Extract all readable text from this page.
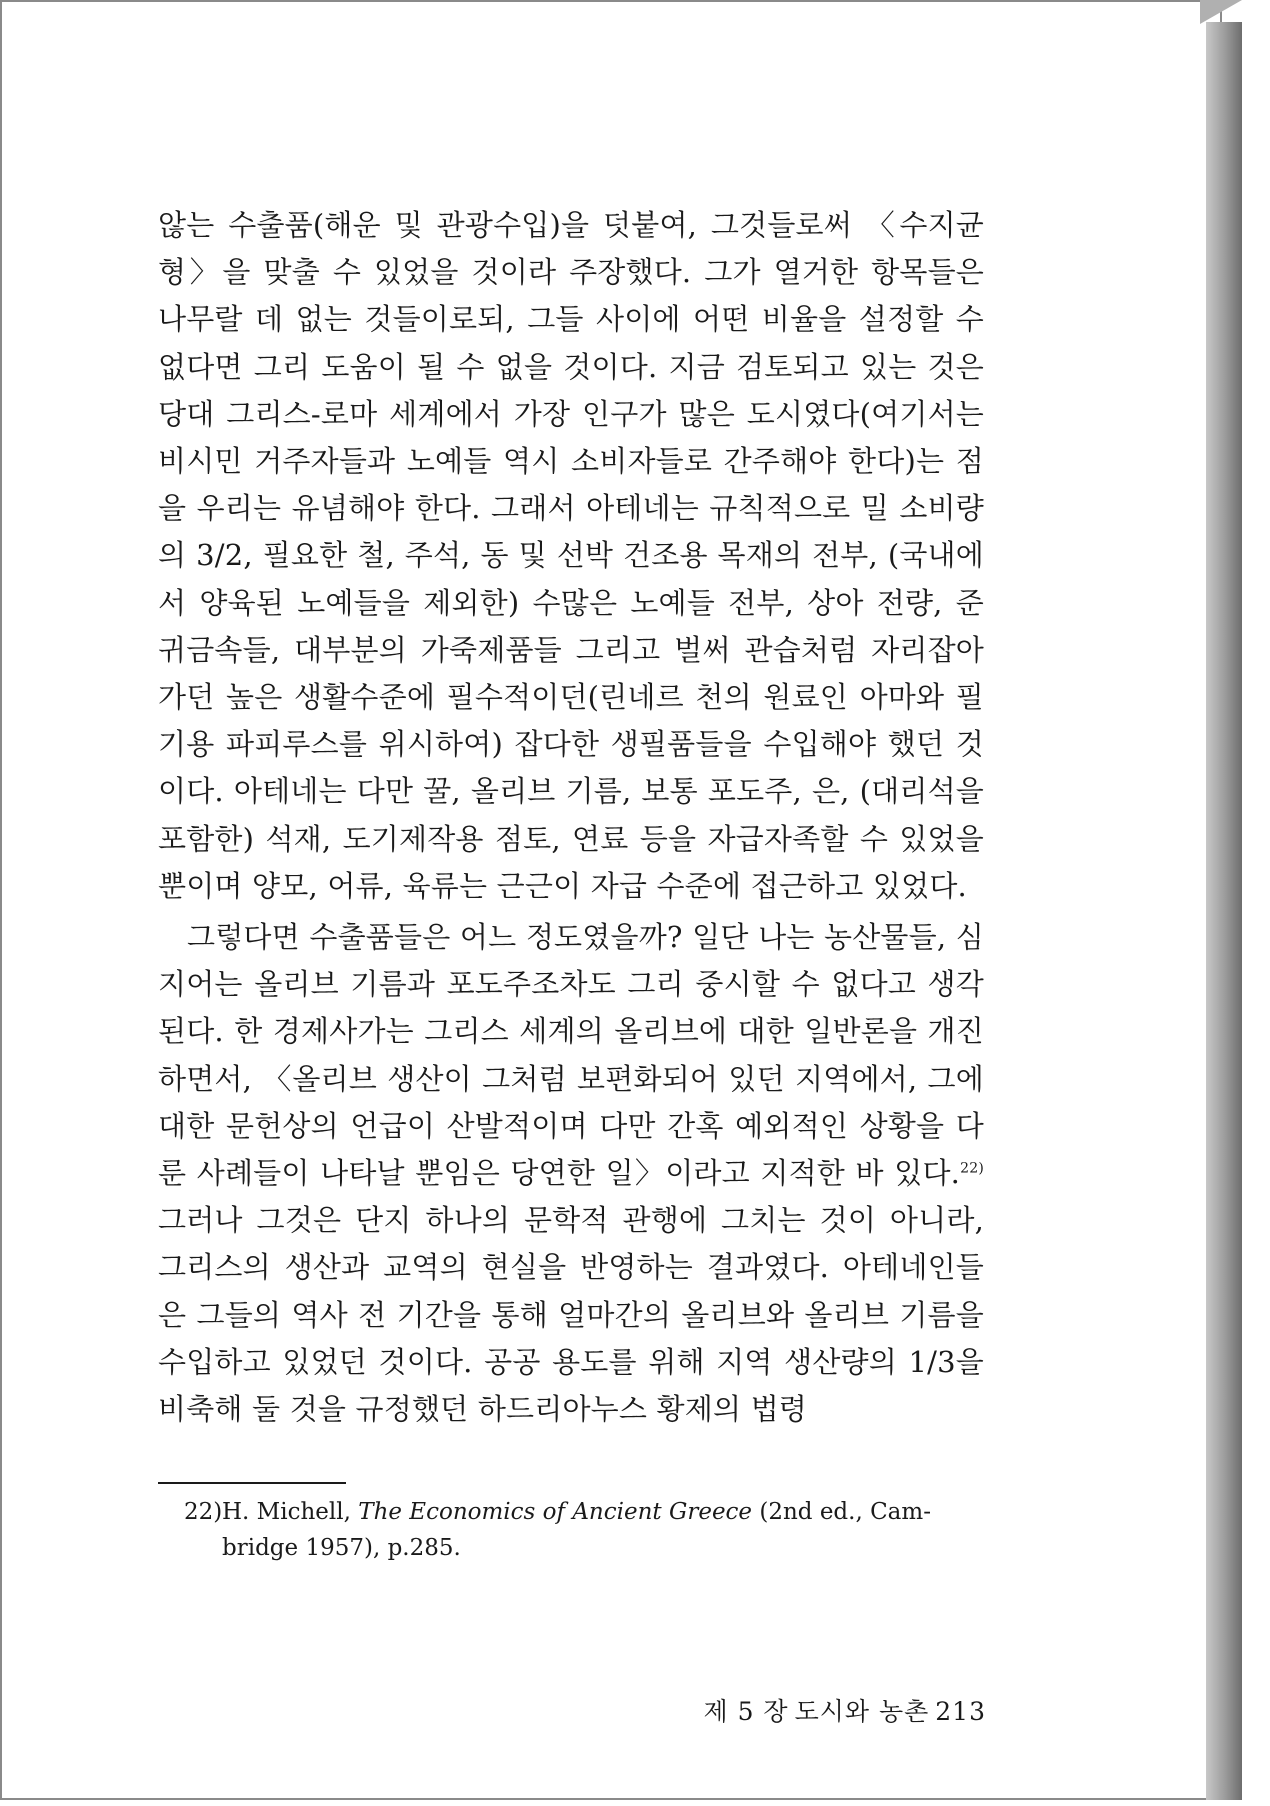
않는 수출품(해운 및 관광수입)을 덧붙여, 그것들로써 〈수지균형〉을 맞출 수 있었을 것이라 주장했다. 그가 열거한 항목들은 나무랄 데 없는 것들이로되, 그들 사이에 어떤 비율을 설정할 수 없다면 그리 도움이 될 수 없을 것이다. 지금 검토되고 있는 것은 당대 그리스-로마 세계에서 가장 인구가 많은 도시였다(여기서는 비시민 거주자들과 노예들 역시 소비자들로 간주해야 한다)는 점을 우리는 유념해야 한다. 그래서 아테네는 규칙적으로 밀 소비량의 3/2, 필요한 철, 주석, 동 및 선박 건조용 목재의 전부, (국내에서 양육된 노예들을 제외한) 수많은 노예들 전부, 상아 전량, 준 귀금속들, 대부분의 가죽제품들 그리고 벌써 관습처럼 자리잡아 가던 높은 생활수준에 필수적이던(린네르 천의 원료인 아마와 필기용 파피루스를 위시하여) 잡다한 생필품들을 수입해야 했던 것이다. 아테네는 다만 꿀, 올리브 기름, 보통 포도주, 은, (대리석을 포함한) 석재, 도기제작용 점토, 연료 등을 자급자족할 수 있었을 뿐이며 양모, 어류, 육류는 근근이 자급 수준에 접근하고 있었다.

그렇다면 수출품들은 어느 정도였을까? 일단 나는 농산물들, 심지어는 올리브 기름과 포도주조차도 그리 중시할 수 없다고 생각된다. 한 경제사가는 그리스 세계의 올리브에 대한 일반론을 개진하면서, 〈올리브 생산이 그처럼 보편화되어 있던 지역에서, 그에 대한 문헌상의 언급이 산발적이며 다만 간혹 예외적인 상황을 다룬 사례들이 나타날 뿐임은 당연한 일〉이라고 지적한 바 있다.$^{22)}$ 그러나 그것은 단지 하나의 문학적 관행에 그치는 것이 아니라, 그리스의 생산과 교역의 현실을 반영하는 결과였다. 아테네인들은 그들의 역사 전 기간을 통해 얼마간의 올리브와 올리브 기름을 수입하고 있었던 것이다. 공공 용도를 위해 지역 생산량의 1/3을 비축해 둘 것을 규정했던 하드리아누스 황제의 법령

22)H. Michell, The Economics of Ancient Greece (2nd ed., Cam-
bridge 1957), p.285.
제 5 장 도시와 농촌 213
